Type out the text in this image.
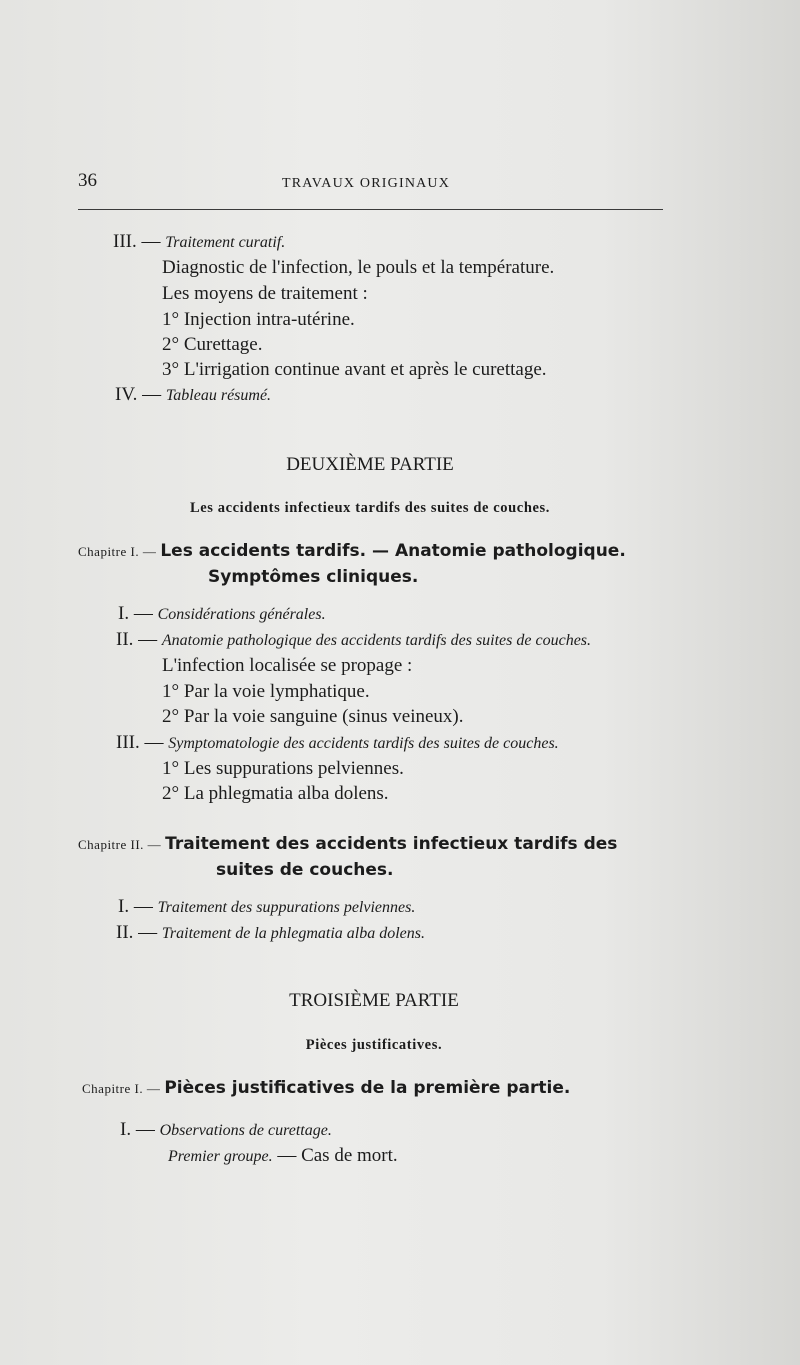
36	TRAVAUX ORIGINAUX
III. — Traitement curatif.
Diagnostic de l'infection, le pouls et la température.
Les moyens de traitement :
1° Injection intra-utérine.
2° Curettage.
3° L'irrigation continue avant et après le curettage.
IV. — Tableau résumé.
DEUXIÈME PARTIE
Les accidents infectieux tardifs des suites de couches.
Chapitre I. — Les accidents tardifs. — Anatomie pathologique.
Symptômes cliniques.
I. — Considérations générales.
II. — Anatomie pathologique des accidents tardifs des suites de couches.
L'infection localisée se propage :
1° Par la voie lymphatique.
2° Par la voie sanguine (sinus veineux).
III. — Symptomatologie des accidents tardifs des suites de couches.
1° Les suppurations pelviennes.
2° La phlegmatia alba dolens.
Chapitre II. — Traitement des accidents infectieux tardifs des
suites de couches.
I. — Traitement des suppurations pelviennes.
II. — Traitement de la phlegmatia alba dolens.
TROISIÈME PARTIE
Pièces justificatives.
Chapitre I. — Pièces justificatives de la première partie.
I. — Observations de curettage.
Premier groupe. — Cas de mort.
